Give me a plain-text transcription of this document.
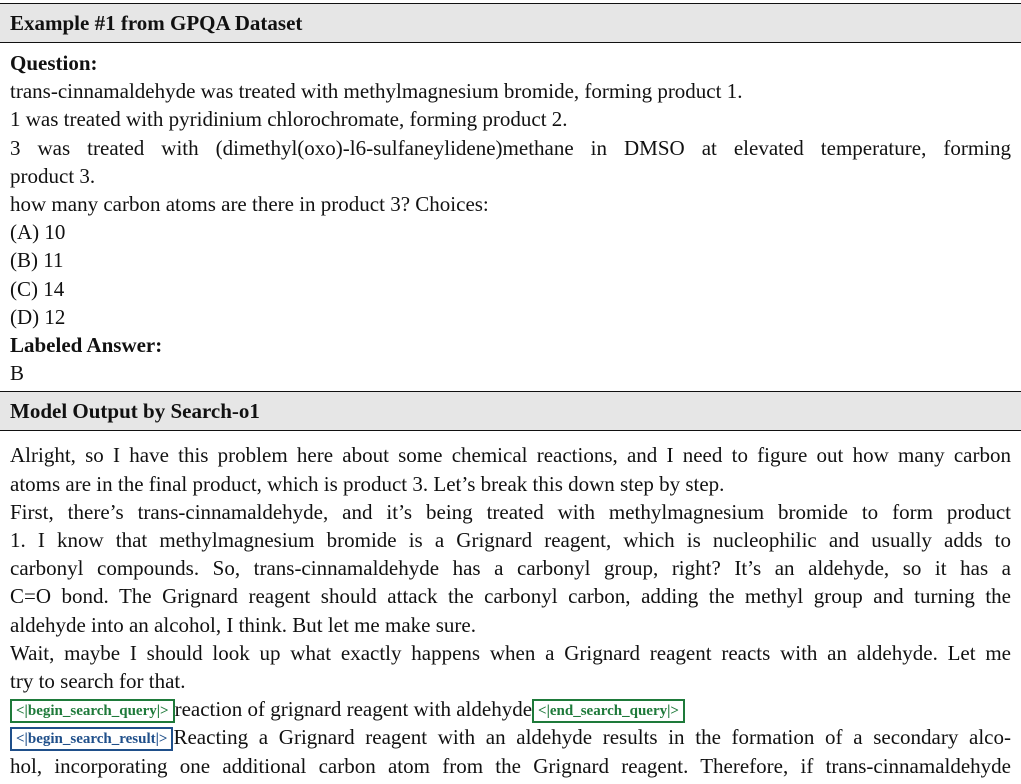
Example #1 from GPQA Dataset
Question:
trans-cinnamaldehyde was treated with methylmagnesium bromide, forming product 1.
1 was treated with pyridinium chlorochromate, forming product 2.
3 was treated with (dimethyl(oxo)-l6-sulfaneylidene)methane in DMSO at elevated temperature, forming
product 3.
how many carbon atoms are there in product 3? Choices:
(A) 10
(B) 11
(C) 14
(D) 12
Labeled Answer:
B
Model Output by Search-o1
Alright, so I have this problem here about some chemical reactions, and I need to figure out how many carbon
atoms are in the final product, which is product 3. Let’s break this down step by step.
First, there’s trans-cinnamaldehyde, and it’s being treated with methylmagnesium bromide to form product
1. I know that methylmagnesium bromide is a Grignard reagent, which is nucleophilic and usually adds to
carbonyl compounds. So, trans-cinnamaldehyde has a carbonyl group, right? It’s an aldehyde, so it has a
C=O bond. The Grignard reagent should attack the carbonyl carbon, adding the methyl group and turning the
aldehyde into an alcohol, I think. But let me make sure.
Wait, maybe I should look up what exactly happens when a Grignard reagent reacts with an aldehyde. Let me
try to search for that.
<|begin_search_query|> reaction of grignard reagent with aldehyde <|end_search_query|>
<|begin_search_result|> Reacting a Grignard reagent with an aldehyde results in the formation of a secondary alco-
hol, incorporating one additional carbon atom from the Grignard reagent. Therefore, if trans-cinnamaldehyde
